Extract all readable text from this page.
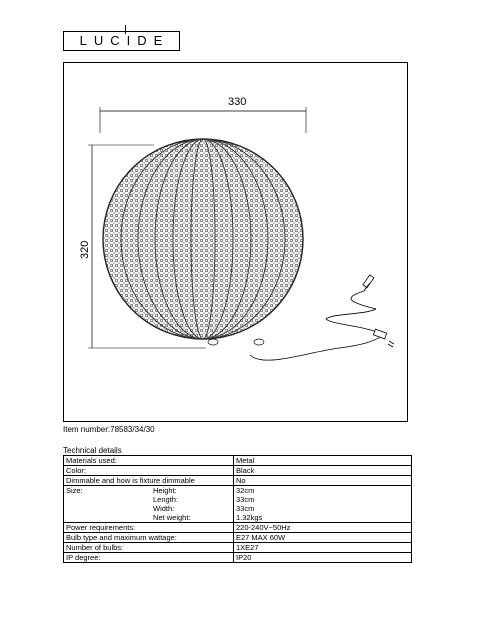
LUCIDE

330
320
Item number:78583/34/30
Technical details
Materials used:		Metal
Color:		Black
Dimmable and how is fixture dimmable		No
Size:	Height:	32cm
	Length:	33cm
	Width:	33cm
	Net weight:	1.32kgs
Power requirements:		220-240V~50Hz
Bulb type and maximum wattage:		E27 MAX 60W
Number of bulbs:		1XE27
IP degree:		IP20
